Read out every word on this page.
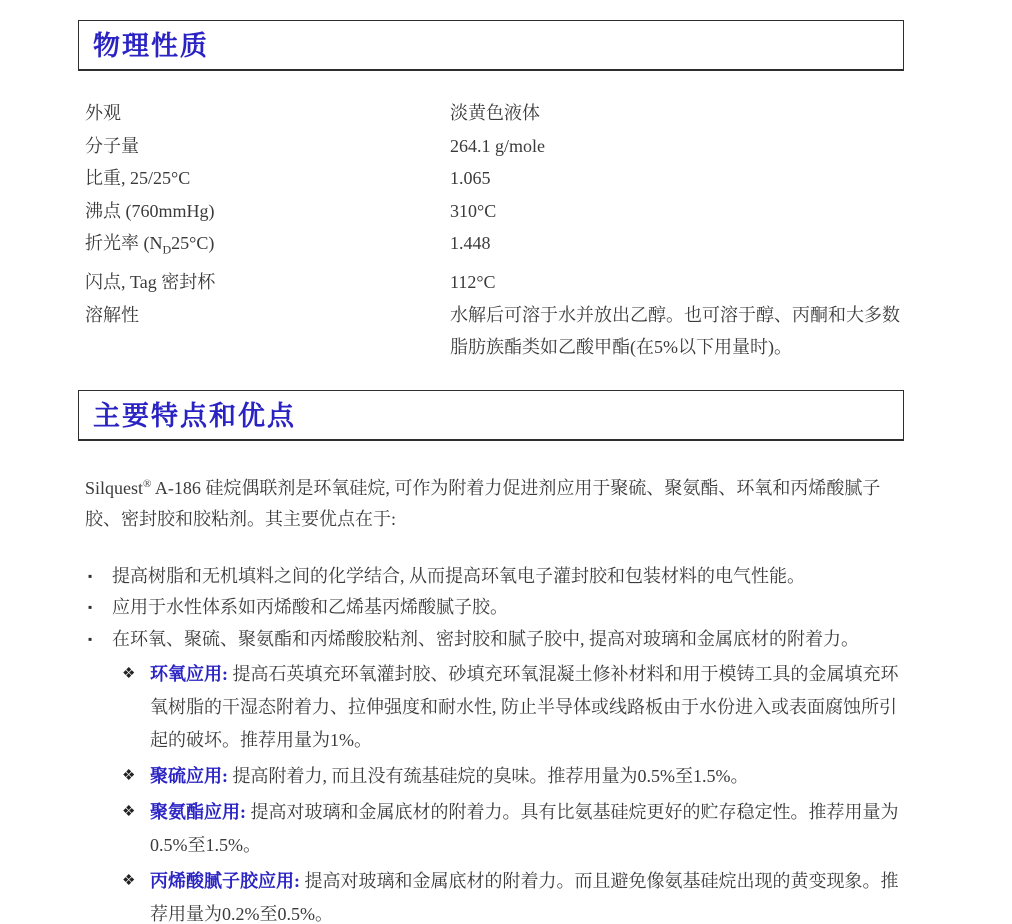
物理性质
外观	淡黄色液体
分子量	264.1 g/mole
比重, 25/25°C	1.065
沸点 (760mmHg)	310°C
折光率 $(N_D25^\circ C)$	1.448
闪点, Tag 密封杯	112°C
溶解性	水解后可溶于水并放出乙醇。也可溶于醇、丙酮和大多数脂肪族酯类如乙酸甲酯(在5%以下用量时)。
主要特点和优点

Silquest® A-186 硅烷偶联剂是环氧硅烷, 可作为附着力促进剂应用于聚硫、聚氨酯、环氧和丙烯酸腻子胶、密封胶和胶粘剂。其主要优点在于:

▪	提高树脂和无机填料之间的化学结合, 从而提高环氧电子灌封胶和包装材料的电气性能。
▪	应用于水性体系如丙烯酸和乙烯基丙烯酸腻子胶。
▪	在环氧、聚硫、聚氨酯和丙烯酸胶粘剂、密封胶和腻子胶中, 提高对玻璃和金属底材的附着力。
❖ 环氧应用: 提高石英填充环氧灌封胶、砂填充环氧混凝土修补材料和用于模铸工具的金属填充环氧树脂的干湿态附着力、拉伸强度和耐水性, 防止半导体或线路板由于水份进入或表面腐蚀所引起的破坏。推荐用量为1%。
❖ 聚硫应用: 提高附着力, 而且没有巯基硅烷的臭味。推荐用量为0.5%至1.5%。
❖ 聚氨酯应用: 提高对玻璃和金属底材的附着力。具有比氨基硅烷更好的贮存稳定性。推荐用量为0.5%至1.5%。
❖ 丙烯酸腻子胶应用: 提高对玻璃和金属底材的附着力。而且避免像氨基硅烷出现的黄变现象。推荐用量为0.2%至0.5%。
